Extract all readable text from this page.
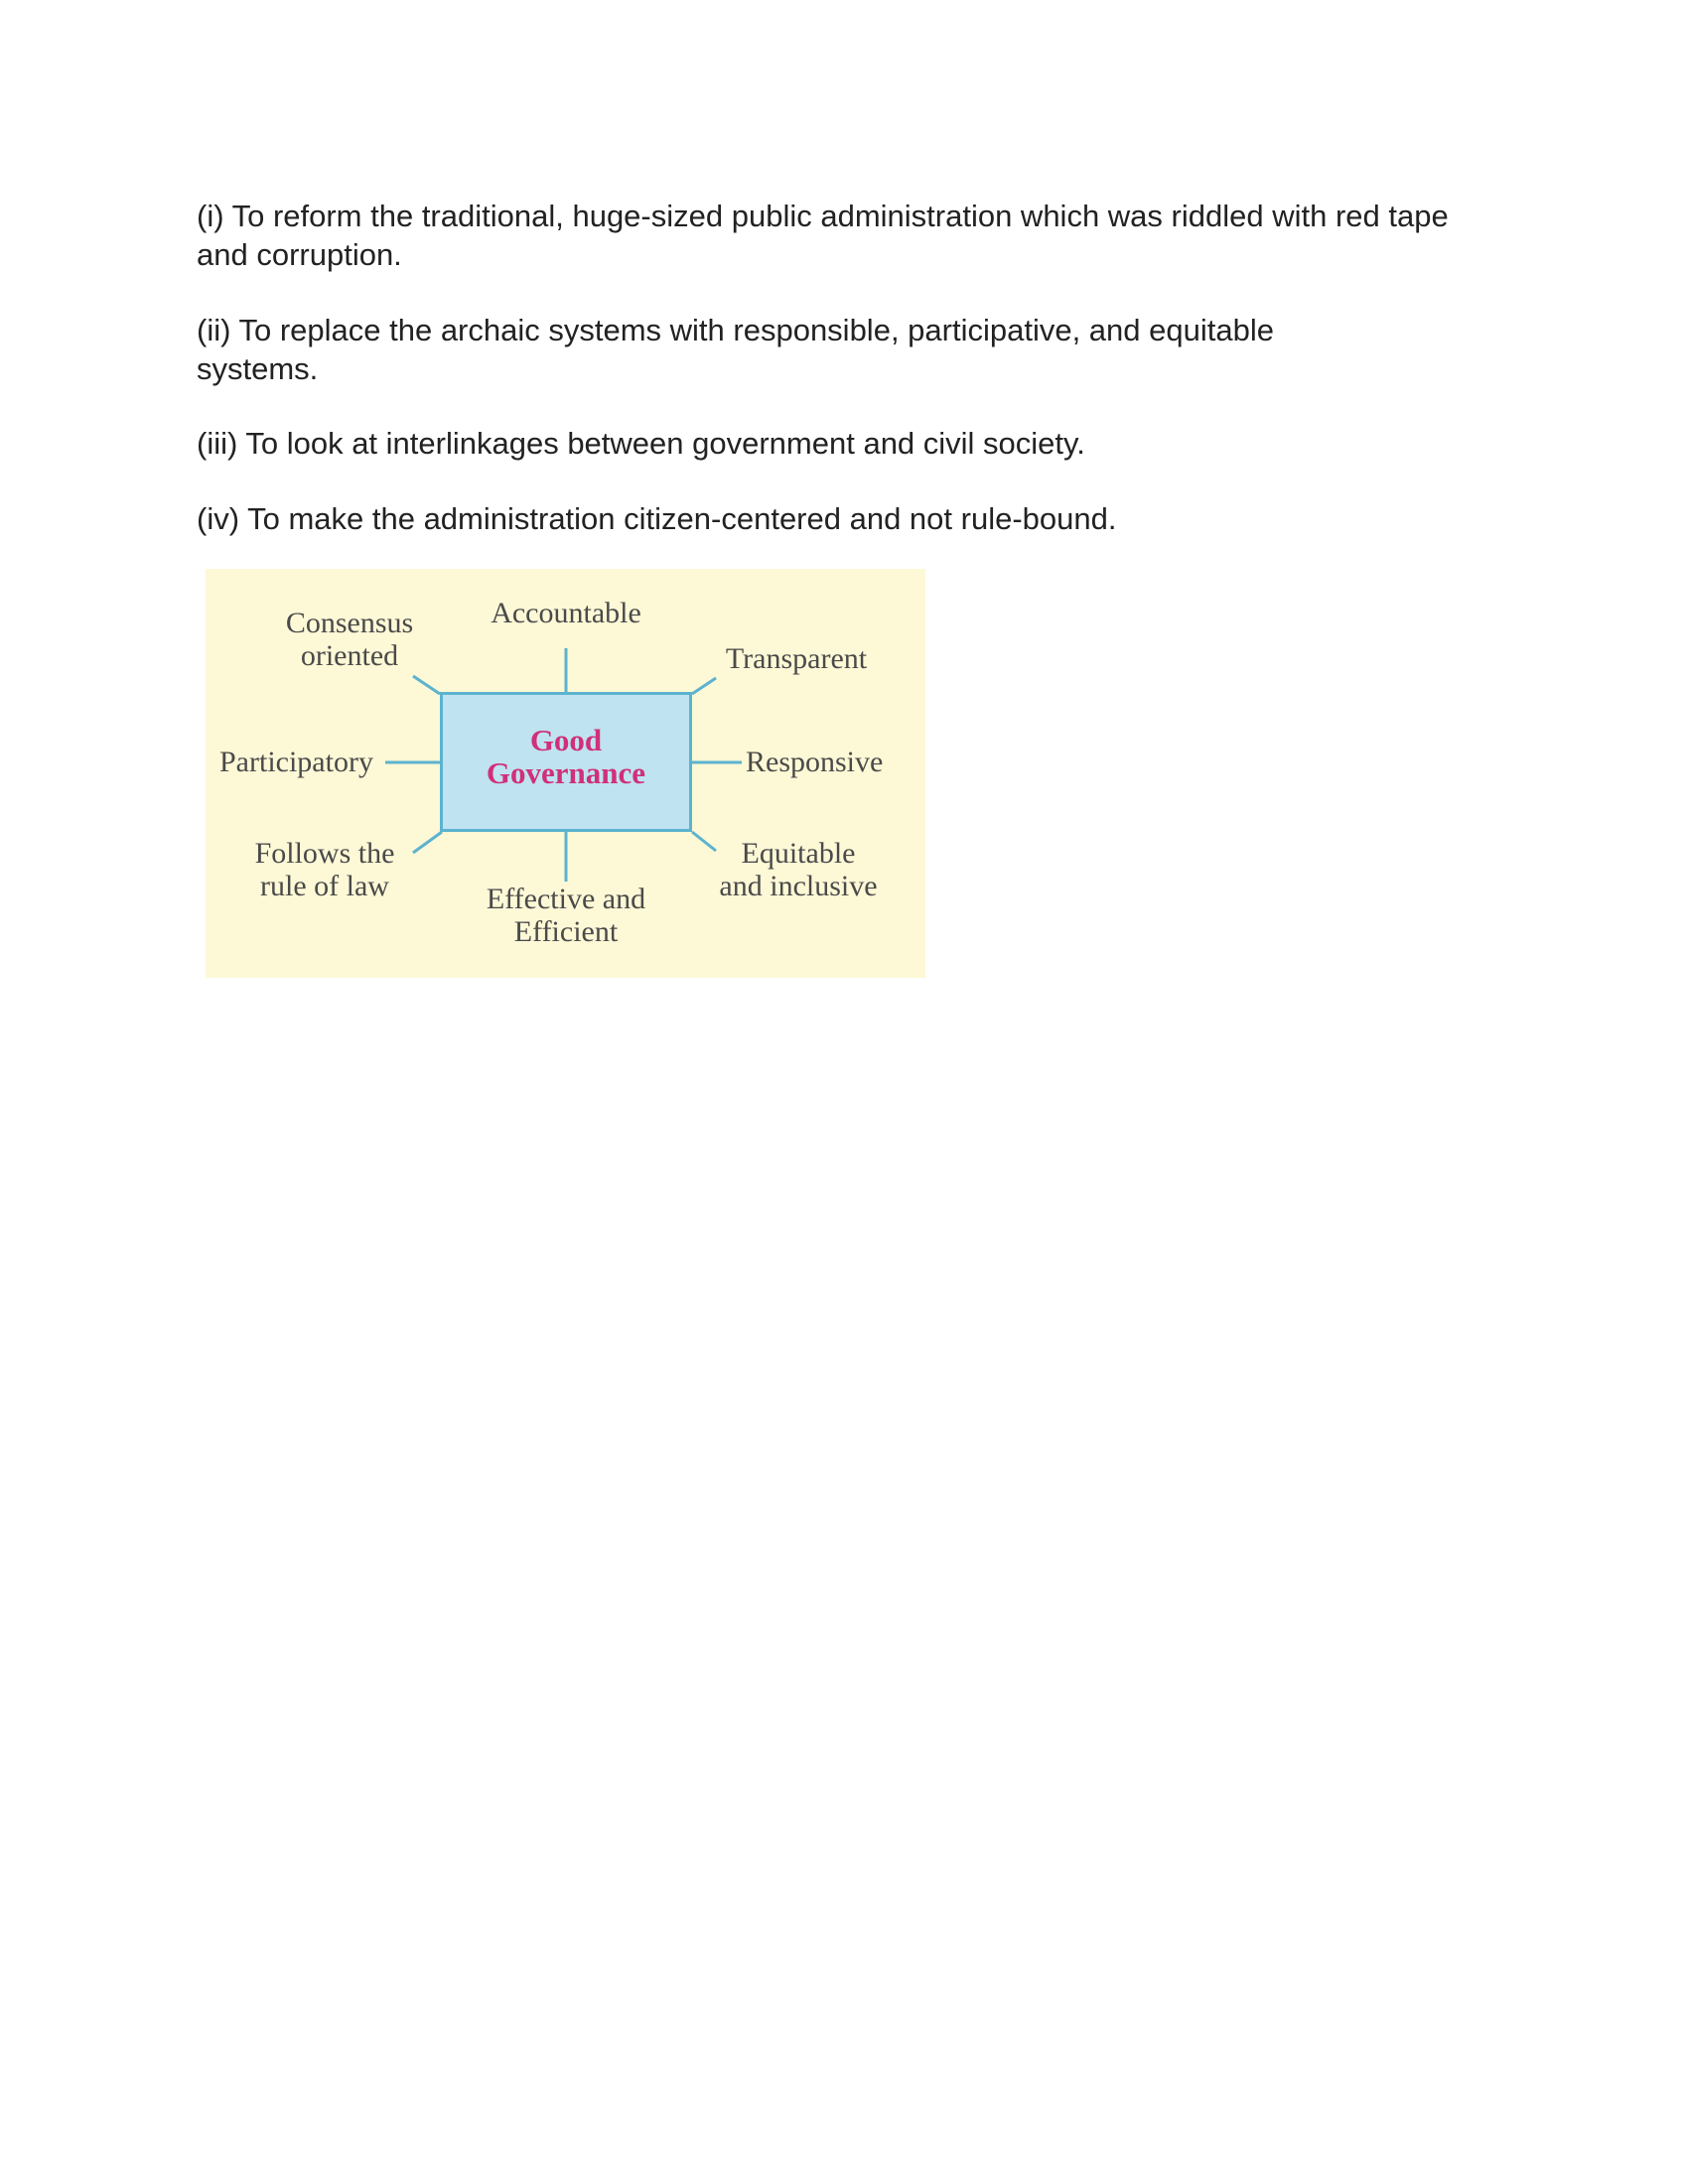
(i) To reform the traditional, huge-sized public administration which was riddled with red tape and corruption.

(ii) To replace the archaic systems with responsible, participative, and equitable systems.

(iii) To look at interlinkages between government and civil society.

(iv) To make the administration citizen-centered and not rule-bound.

Good
Governance
Accountable
Consensus
oriented	Transparent
Participatory	Responsive
Follows the
rule of law	Effective and
Efficient
Equitable
and inclusive
